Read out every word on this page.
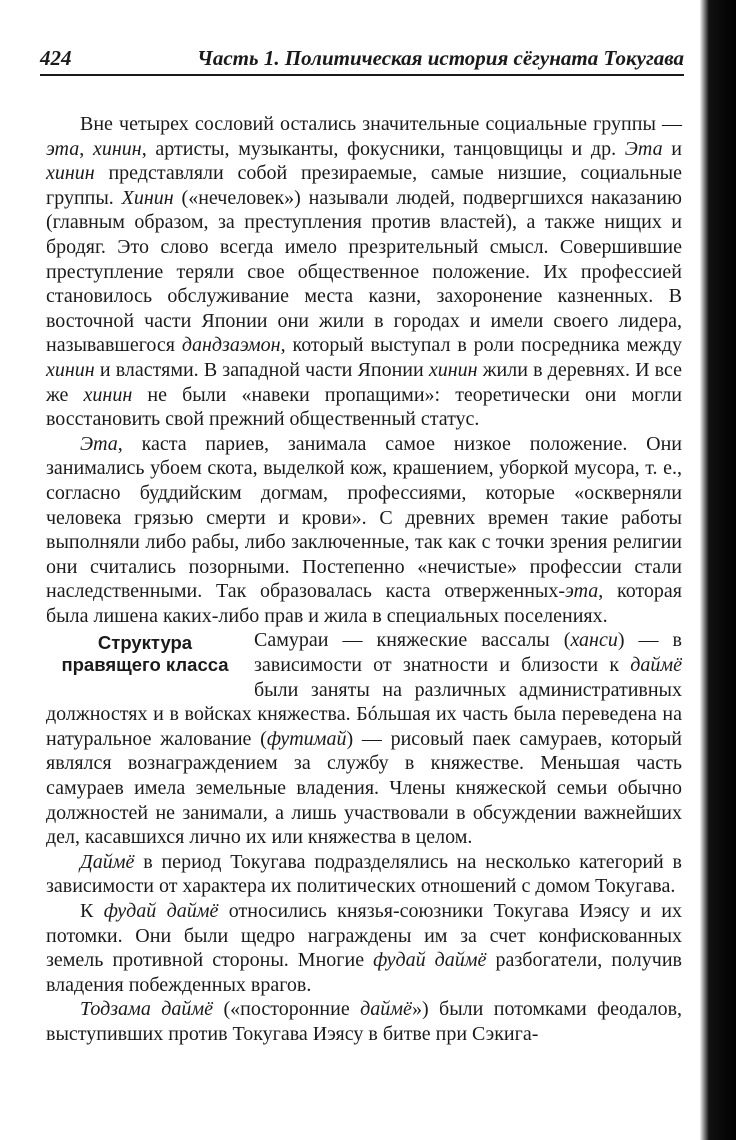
424	Часть 1. Политическая история сёгуната Токугава

Вне четырех сословий остались значительные социальные группы — эта, хинин, артисты, музыканты, фокусники, танцовщицы и др. Эта и хинин представляли собой презираемые, самые низшие, социальные группы. Хинин («нечеловек») называли людей, подвергшихся наказанию (главным образом, за преступления против властей), а также нищих и бродяг. Это слово всегда имело презрительный смысл. Совершившие преступление теряли свое общественное положение. Их профессией становилось обслуживание места казни, захоронение казненных. В восточной части Японии они жили в городах и имели своего лидера, называвшегося дандзаэмон, который выступал в роли посредника между хинин и властями. В западной части Японии хинин жили в деревнях. И все же хинин не были «навеки пропащими»: теоретически они могли восстановить свой прежний общественный статус.

Эта, каста париев, занимала самое низкое положение. Они занимались убоем скота, выделкой кож, крашением, уборкой мусора, т. е., согласно буддийским догмам, профессиями, которые «оскверняли человека грязью смерти и крови». С древних времен такие работы выполняли либо рабы, либо заключенные, так как с точки зрения религии они считались позорными. Постепенно «нечистые» профессии стали наследственными. Так образовалась каста отверженных-эта, которая была лишена каких-либо прав и жила в специальных поселениях.

Структура правящего класса

Самураи — княжеские вассалы (ханси) — в зависимости от знатности и близости к даймё были заняты на различных административных должностях и в войсках княжества. Бóльшая их часть была переведена на натуральное жалование (футимай) — рисовый паек самураев, который являлся вознаграждением за службу в княжестве. Меньшая часть самураев имела земельные владения. Члены княжеской семьи обычно должностей не занимали, а лишь участвовали в обсуждении важнейших дел, касавшихся лично их или княжества в целом.

Даймё в период Токугава подразделялись на несколько категорий в зависимости от характера их политических отношений с домом Токугава.

К фудай даймё относились князья-союзники Токугава Иэясу и их потомки. Они были щедро награждены им за счет конфискованных земель противной стороны. Многие фудай даймё разбогатели, получив владения побежденных врагов.

Тодзама даймё («посторонние даймё») были потомками феодалов, выступивших против Токугава Иэясу в битве при Сэкига-
